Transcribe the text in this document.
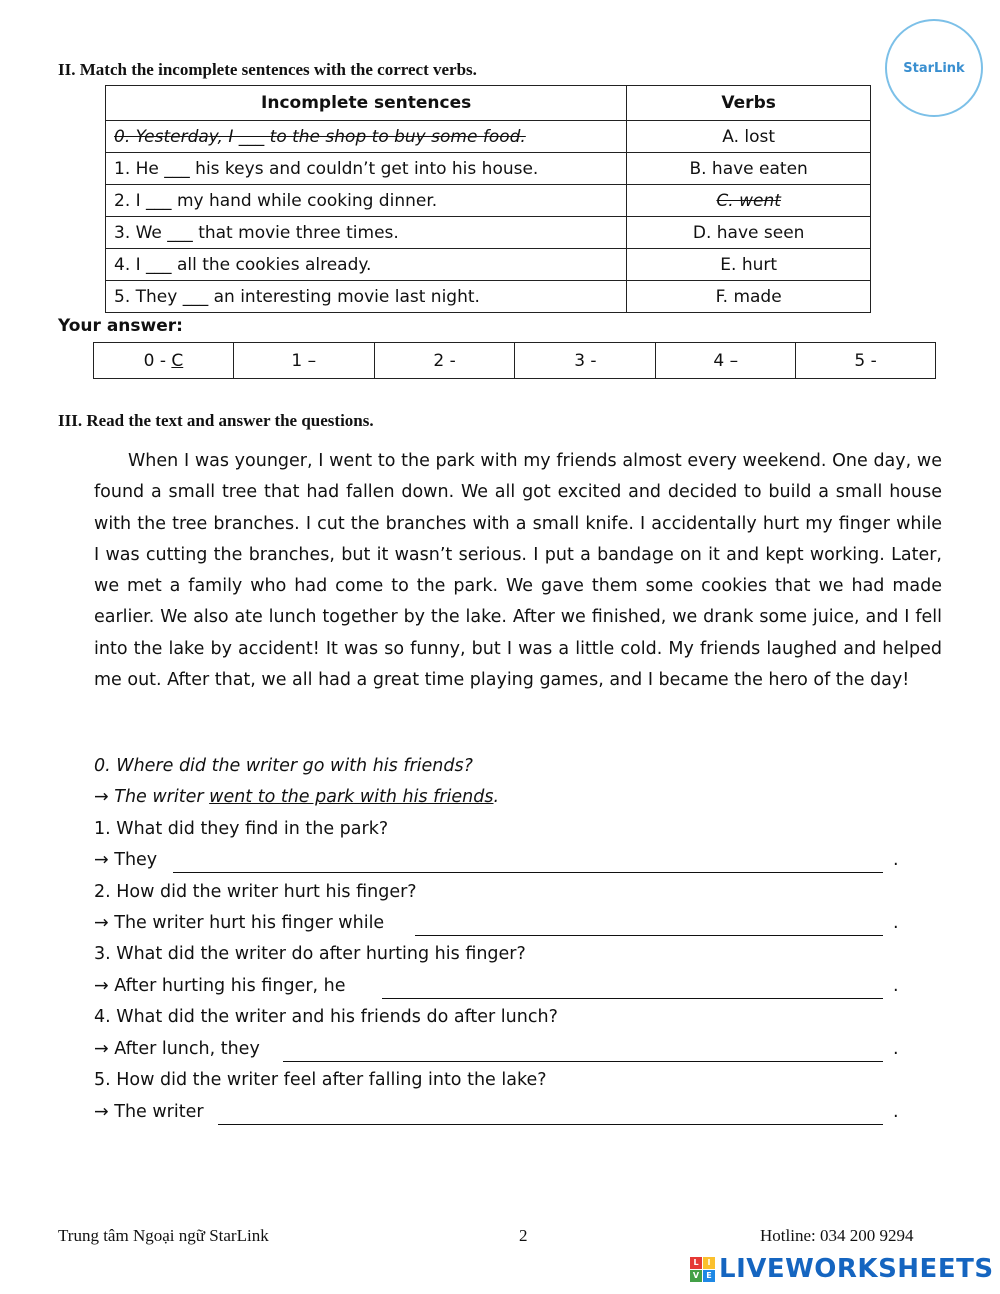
II. Match the incomplete sentences with the correct verbs.	StarLink
Incomplete sentences	Verbs
0. Yesterday, I ___ to the shop to buy some food.	A. lost
1. He ___ his keys and couldn’t get into his house.	B. have eaten
2. I ___ my hand while cooking dinner.	C. went
3. We ___ that movie three times.	D. have seen
4. I ___ all the cookies already.	E. hurt
5. They ___ an interesting movie last night.	F. made
Your answer:
0 - C	1 –	2 -	3 -	4 –	5 -
III. Read the text and answer the questions.

When I was younger, I went to the park with my friends almost every weekend. One day, we found a small tree that had fallen down. We all got excited and decided to build a small house with the tree branches. I cut the branches with a small knife. I accidentally hurt my finger while I was cutting the branches, but it wasn’t serious. I put a bandage on it and kept working. Later, we met a family who had come to the park. We gave them some cookies that we had made earlier. We also ate lunch together by the lake. After we finished, we drank some juice, and I fell into the lake by accident! It was so funny, but I was a little cold. My friends laughed and helped me out. After that, we all had a great time playing games, and I became the hero of the day!

0. Where did the writer go with his friends?
→ The writer went to the park with his friends.
1. What did they find in the park?
→ They	.
2. How did the writer hurt his finger?
→ The writer hurt his finger while	.
3. What did the writer do after hurting his finger?
→ After hurting his finger, he	.
4. What did the writer and his friends do after lunch?
→ After lunch, they	.
5. How did the writer feel after falling into the lake?
→ The writer	.
Trung tâm Ngoại ngữ StarLink	2	Hotline: 034 200 9294
L	I
V E LIVEWORKSHEETS
